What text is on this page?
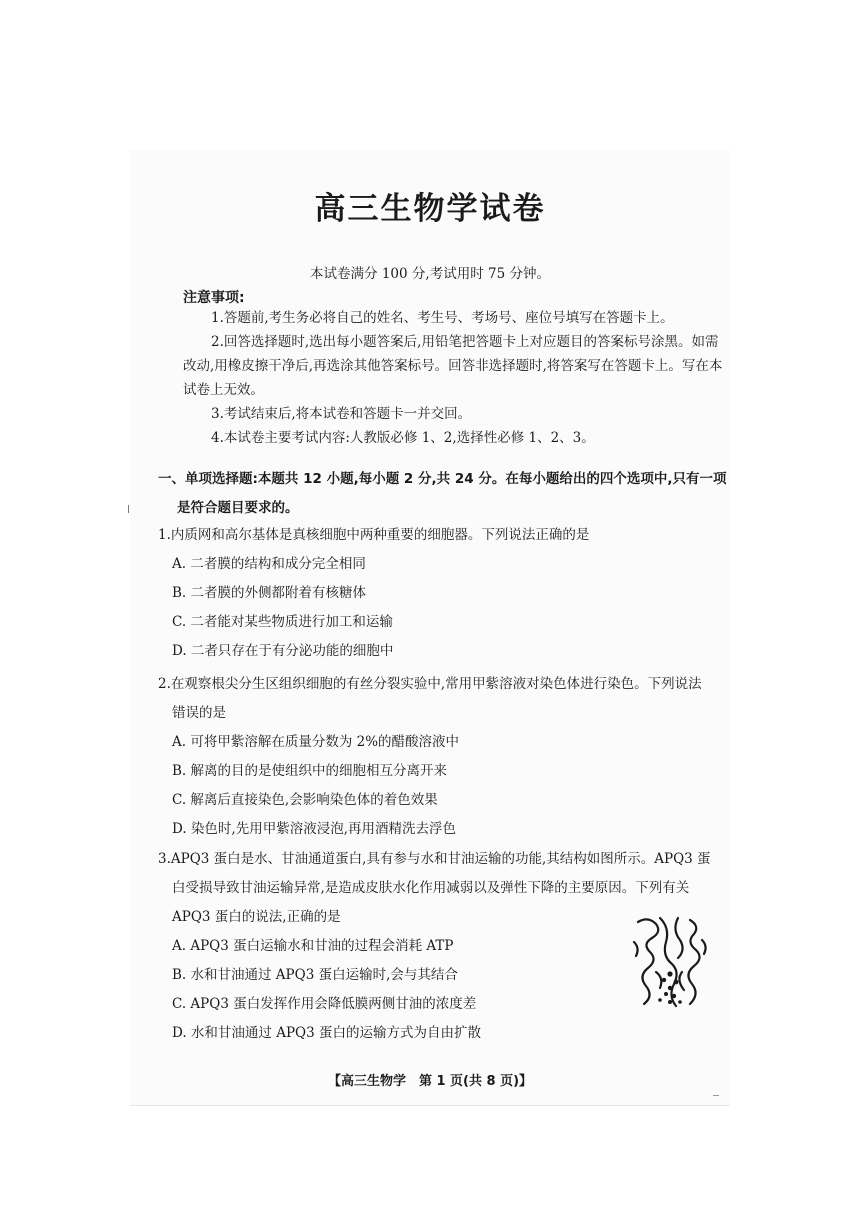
高三生物学试卷
本试卷满分 100 分,考试用时 75 分钟。
注意事项:

1.答题前,考生务必将自己的姓名、考生号、考场号、座位号填写在答题卡上。

2.回答选择题时,选出每小题答案后,用铅笔把答题卡上对应题目的答案标号涂黑。如需改动,用橡皮擦干净后,再选涂其他答案标号。回答非选择题时,将答案写在答题卡上。写在本试卷上无效。

3.考试结束后,将本试卷和答题卡一并交回。

4.本试卷主要考试内容:人教版必修 1、2,选择性必修 1、2、3。

一、单项选择题:本题共 12 小题,每小题 2 分,共 24 分。在每小题给出的四个选项中,只有一项
是符合题目要求的。

1.内质网和高尔基体是真核细胞中两种重要的细胞器。下列说法正确的是

A. 二者膜的结构和成分完全相同

B. 二者膜的外侧都附着有核糖体

C. 二者能对某些物质进行加工和运输

D. 二者只存在于有分泌功能的细胞中

2.在观察根尖分生区组织细胞的有丝分裂实验中,常用甲紫溶液对染色体进行染色。下列说法

错误的是

A. 可将甲紫溶解在质量分数为 2%的醋酸溶液中

B. 解离的目的是使组织中的细胞相互分离开来

C. 解离后直接染色,会影响染色体的着色效果

D. 染色时,先用甲紫溶液浸泡,再用酒精洗去浮色

3.APQ3 蛋白是水、甘油通道蛋白,具有参与水和甘油运输的功能,其结构如图所示。APQ3 蛋

白受损导致甘油运输异常,是造成皮肤水化作用减弱以及弹性下降的主要原因。下列有关

APQ3 蛋白的说法,正确的是

A. APQ3 蛋白运输水和甘油的过程会消耗 ATP

B. 水和甘油通过 APQ3 蛋白运输时,会与其结合

C. APQ3 蛋白发挥作用会降低膜两侧甘油的浓度差

D. 水和甘油通过 APQ3 蛋白的运输方式为自由扩散

【高三生物学　第 1 页(共 8 页)】
